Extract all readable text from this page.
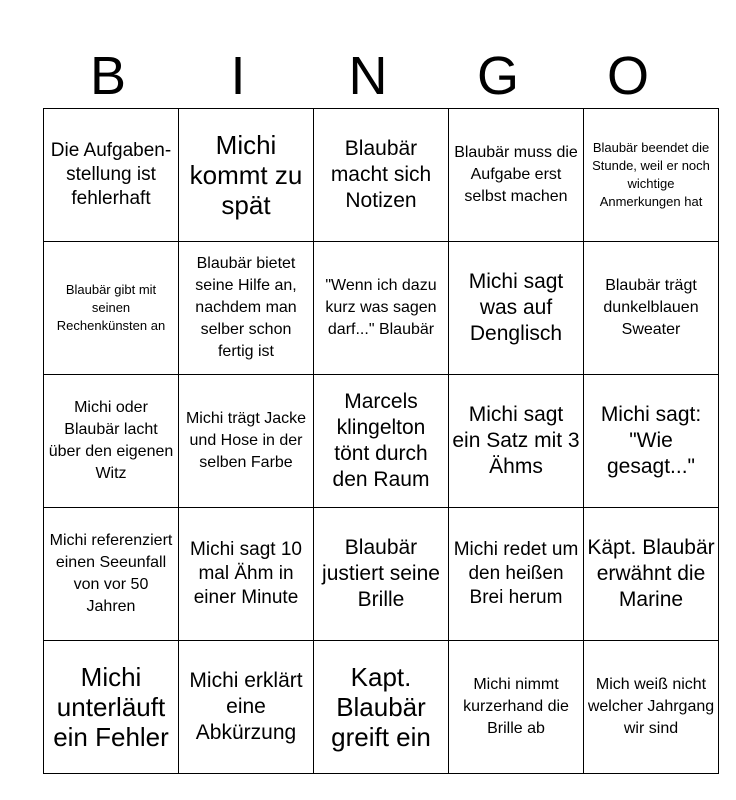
B	I	N	G	O
Die Aufgaben-stellung ist fehlerhaft	Michi kommt zu spät	Blaubär macht sich Notizen	Blaubär muss die Aufgabe erst selbst machen	Blaubär beendet die Stunde, weil er noch wichtige Anmerkungen hat
Blaubär gibt mit seinen Rechenkünsten an	Blaubär bietet seine Hilfe an, nachdem man selber schon fertig ist	"Wenn ich dazu kurz was sagen darf..." Blaubär	Michi sagt was auf Denglisch	Blaubär trägt dunkelblauen Sweater
Michi oder Blaubär lacht über den eigenen Witz	Michi trägt Jacke und Hose in der selben Farbe	Marcels klingelton tönt durch den Raum	Michi sagt ein Satz mit 3 Ähms	Michi sagt: "Wie gesagt..."
Michi referenziert einen Seeunfall von vor 50 Jahren	Michi sagt 10 mal Ähm in einer Minute	Blaubär justiert seine Brille	Michi redet um den heißen Brei herum	Käpt. Blaubär erwähnt die Marine
Michi unterläuft ein Fehler	Michi erklärt eine Abkürzung	Kapt. Blaubär greift ein	Michi nimmt kurzerhand die Brille ab	Mich weiß nicht welcher Jahrgang wir sind
